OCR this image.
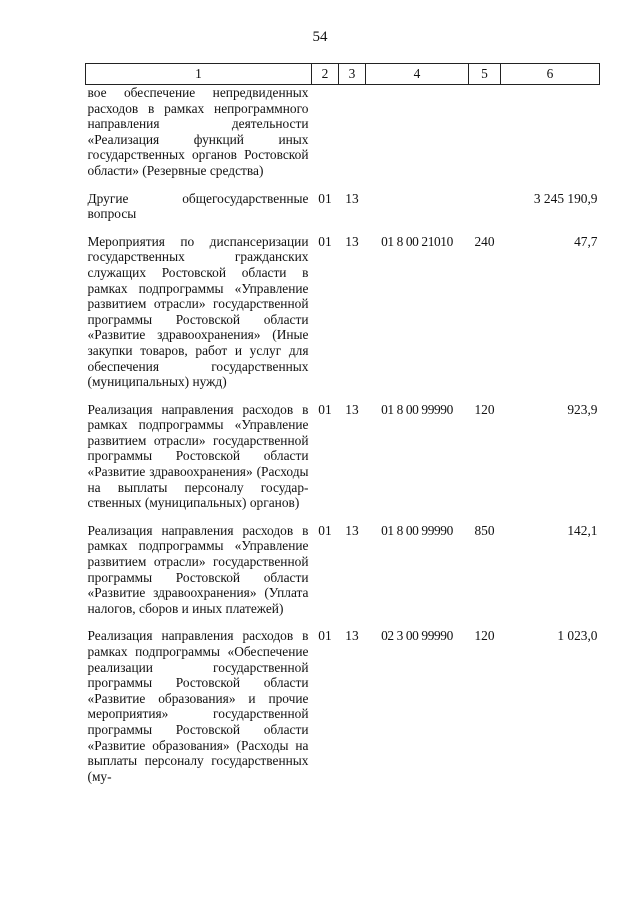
54
1	2	3	4	5	6
вое обеспечение непредвиденных расходов в рамках непрограммного направления деятельности «Реализация функций иных государственных органов Ростовской области» (Резервные средства)					
Другие общегосударственные вопросы	01	13			3 245 190,9
Мероприятия по диспансеризации государственных гражданских служащих Ростовской области в рамках подпрограммы «Управление развитием отрасли» государственной программы Ростовской области «Развитие здравоохранения» (Иные закупки товаров, работ и услуг для обеспечения государственных (муниципальных) нужд)	01	13	01 8 00 21010	240	47,7
Реализация направления расходов в рамках подпрограммы «Управление развитием отрасли» государственной программы Ростовской области «Развитие здравоохранения» (Расходы на выплаты персоналу государственных (муниципальных) органов)	01	13	01 8 00 99990	120	923,9
Реализация направления расходов в рамках подпрограммы «Управление развитием отрасли» государственной программы Ростовской области «Развитие здравоохранения» (Уплата налогов, сборов и иных платежей)	01	13	01 8 00 99990	850	142,1
Реализация направления расходов в рамках подпрограммы «Обеспечение реализации государственной программы Ростовской области «Развитие образования» и прочие мероприятия» государственной программы Ростовской области «Развитие образования» (Расходы на выплаты персоналу государственных (му-	01	13	02 3 00 99990	120	1 023,0
